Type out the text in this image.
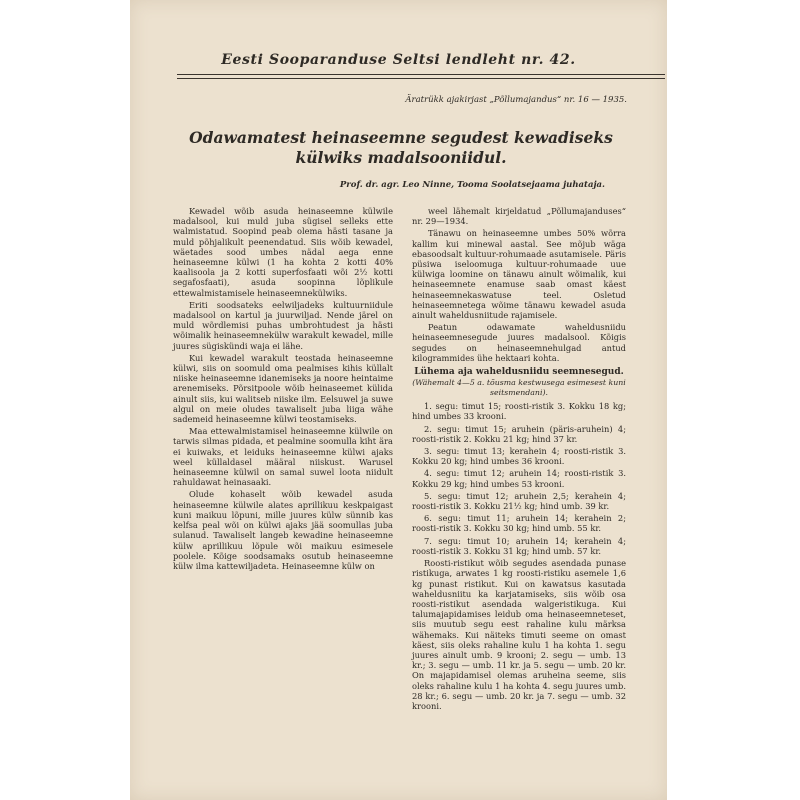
Eesti Sooparanduse Seltsi lendleht nr. 42.
Äratrükk ajakirjast „Põllumajandus“ nr. 16 — 1935.
Odawamatest heinaseemne segudest kewadiseks külwiks madalsooniidul.
Prof. dr. agr. Leo Ninne, Tooma Soolatsejaama juhataja.

Kewadel wõib asuda heinaseemne külwile madalsool, kui muld juba sügisel selleks ette walmistatud. Soopind peab olema hästi tasane ja muld põhjalikult peenendatud. Siis wõib kewadel, wäetades sood umbes nädal aega enne heinaseemne külwi (1 ha kohta 2 kotti 40% kaalisoola ja 2 kotti superfosfaati wõi 2½ kotti segafosfaati), asuda soopinna lõplikule ettewalmistamisele heinaseemnekülwiks.

Eriti soodsateks eelwiljadeks kultuurniidule madalsool on kartul ja juurwiljad. Nende järel on muld wõrdlemisi puhas umbrohtudest ja hästi wõimalik heinaseemnekülw warakult kewadel, mille juures sügiskündi waja ei lähe.

Kui kewadel warakult teostada heinaseemne külwi, siis on soomuld oma pealmises kihis küllalt niiske heinaseemne idanemiseks ja noore heintaime arenemiseks. Põrsitpoole wõib heinaseemet külida ainult siis, kui walitseb niiske ilm. Eelsuwel ja suwe algul on meie oludes tawaliselt juba liiga wähe sademeid heinaseemne külwi teostamiseks.

Maa ettewalmistamisel heinaseemne külwile on tarwis silmas pidada, et pealmine soomulla kiht ära ei kuiwaks, et leiduks heinaseemne külwi ajaks weel küllaldasel määral niiskust. Warusel heinaseemne külwil on samal suwel loota niidult rahuldawat heinasaaki.

Olude kohaselt wõib kewadel asuda heinaseemne külwile alates aprillikuu keskpaigast kuni maikuu lõpuni, mille juures külw sünnib kas kelfsa peal wõi on külwi ajaks jää soomullas juba sulanud. Tawaliselt langeb kewadine heinaseemne külw aprillikuu lõpule wõi maikuu esimesele poolele. Kõige soodsamaks osutub heinaseemne külw ilma kattewiljadeta. Heinaseemne külw on

weel lähemalt kirjeldatud „Põllumajanduses“ nr. 29—1934.

Tänawu on heinaseemne umbes 50% wõrra kallim kui minewal aastal. See mõjub wäga ebasoodsalt kultuur-rohumaade asutamisele. Päris püsiwa iseloomuga kultuur-rohumaade uue külwiga loomine on tänawu ainult wõimalik, kui heinaseemnete enamuse saab omast käest heinaseemnekaswatuse teel. Osletud heinaseemnetega wõime tänawu kewadel asuda ainult waheldusniitude rajamisele.

Peatun odawamate waheldusniidu heinaseemnesegude juures madalsool. Kõigis segudes on heinaseemnehulgad antud kilogrammides ühe hektaari kohta.

Lühema aja waheldusniidu seemnesegud.
(Wähemalt 4—5 a. tõusma kestwusega esimesest kuni seitsmendani).

1. segu: timut 15; roosti-ristik 3. Kokku 18 kg; hind umbes 33 krooni.

2. segu: timut 15; aruhein (päris-aruhein) 4; roosti-ristik 2. Kokku 21 kg; hind 37 kr.

3. segu: timut 13; kerahein 4; roosti-ristik 3. Kokku 20 kg; hind umbes 36 krooni.

4. segu: timut 12; aruhein 14; roosti-ristik 3. Kokku 29 kg; hind umbes 53 krooni.

5. segu: timut 12; aruhein 2,5; kerahein 4; roosti-ristik 3. Kokku 21½ kg; hind umb. 39 kr.

6. segu: timut 11; aruhein 14; kerahein 2; roosti-ristik 3. Kokku 30 kg; hind umb. 55 kr.

7. segu: timut 10; aruhein 14; kerahein 4; roosti-ristik 3. Kokku 31 kg; hind umb. 57 kr.

Roosti-ristikut wõib segudes asendada punase ristikuga, arwates 1 kg roosti-ristiku asemele 1,6 kg punast ristikut. Kui on kawatsus kasutada waheldusniitu ka karjatamiseks, siis wõib osa roosti-ristikut asendada walgeristikuga. Kui talumajapidamises leidub oma heinaseemneteset, siis muutub segu eest rahaline kulu märksa wähemaks. Kui näiteks timuti seeme on omast käest, siis oleks rahaline kulu 1 ha kohta 1. segu juures ainult umb. 9 krooni; 2. segu — umb. 13 kr.; 3. segu — umb. 11 kr. ja 5. segu — umb. 20 kr. On majapidamisel olemas aruheina seeme, siis oleks rahaline kulu 1 ha kohta 4. segu juures umb. 28 kr.; 6. segu — umb. 20 kr. ja 7. segu — umb. 32 krooni.
